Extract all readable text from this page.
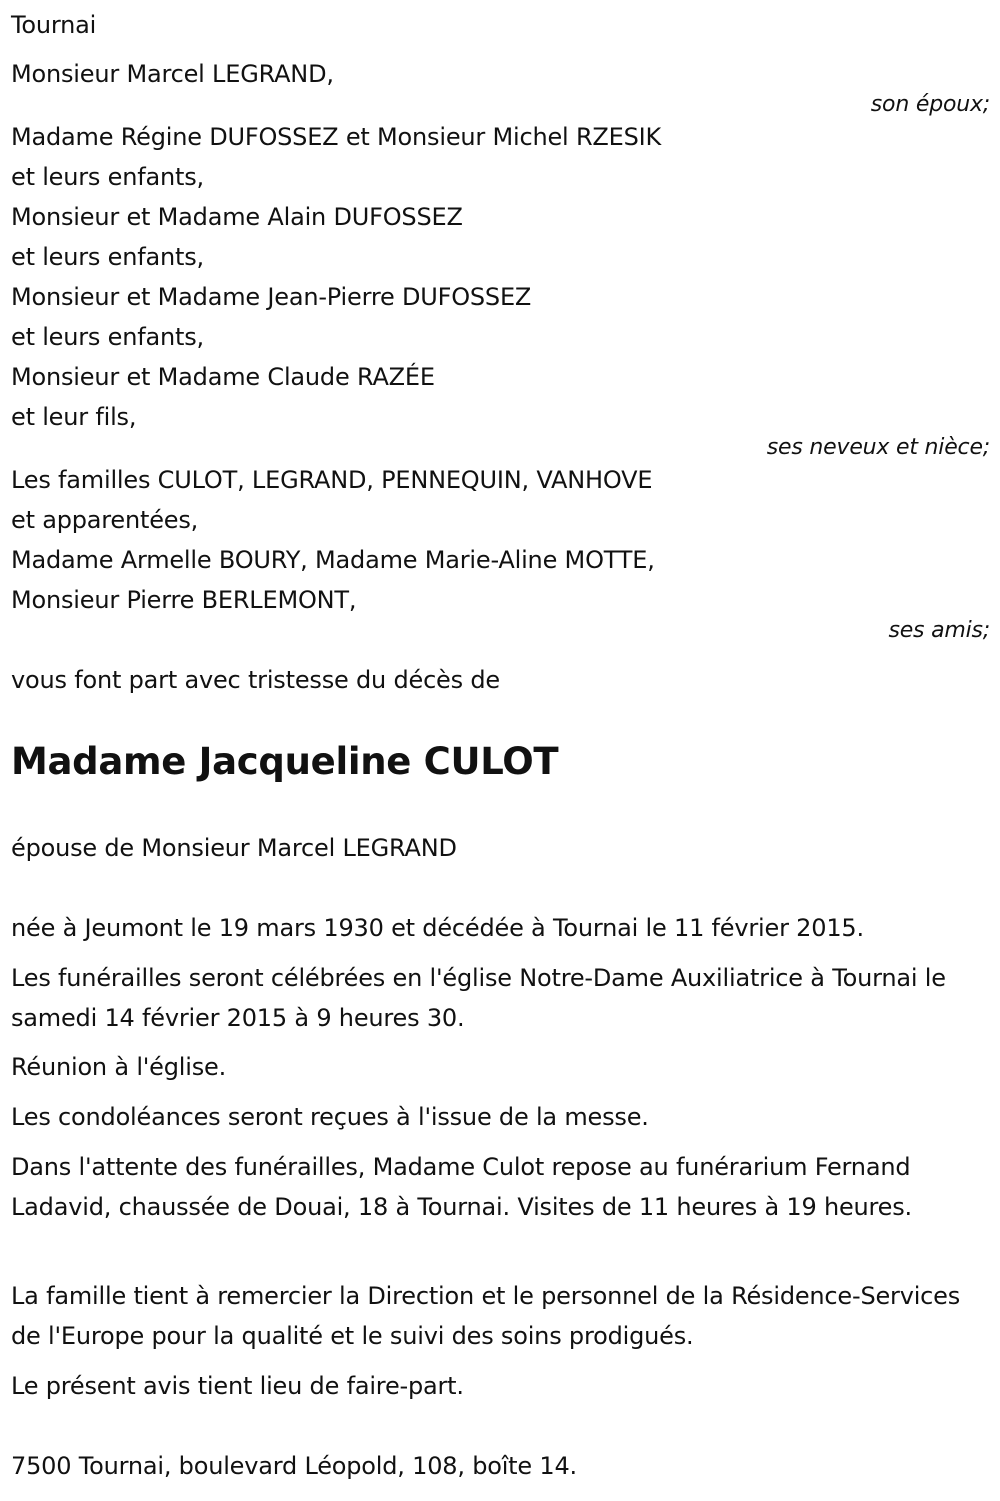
Tournai
Monsieur Marcel LEGRAND,
son époux;
Madame Régine DUFOSSEZ et Monsieur Michel RZESIK
et leurs enfants,
Monsieur et Madame Alain DUFOSSEZ
et leurs enfants,
Monsieur et Madame Jean-Pierre DUFOSSEZ
et leurs enfants,
Monsieur et Madame Claude RAZÉE
et leur fils,
ses neveux et nièce;
Les familles CULOT, LEGRAND, PENNEQUIN, VANHOVE
et apparentées,
Madame Armelle BOURY, Madame Marie-Aline MOTTE,
Monsieur Pierre BERLEMONT,
ses amis;
vous font part avec tristesse du décès de
Madame Jacqueline CULOT
épouse de Monsieur Marcel LEGRAND
née à Jeumont le 19 mars 1930 et décédée à Tournai le 11 février 2015.
Les funérailles seront célébrées en l'église Notre-Dame Auxiliatrice à Tournai le samedi 14 février 2015 à 9 heures 30.
Réunion à l'église.
Les condoléances seront reçues à l'issue de la messe.
Dans l'attente des funérailles, Madame Culot repose au funérarium Fernand Ladavid, chaussée de Douai, 18 à Tournai. Visites de 11 heures à 19 heures.
La famille tient à remercier la Direction et le personnel de la Résidence-Services de l'Europe pour la qualité et le suivi des soins prodigués.
Le présent avis tient lieu de faire-part.
7500 Tournai, boulevard Léopold, 108, boîte 14.
